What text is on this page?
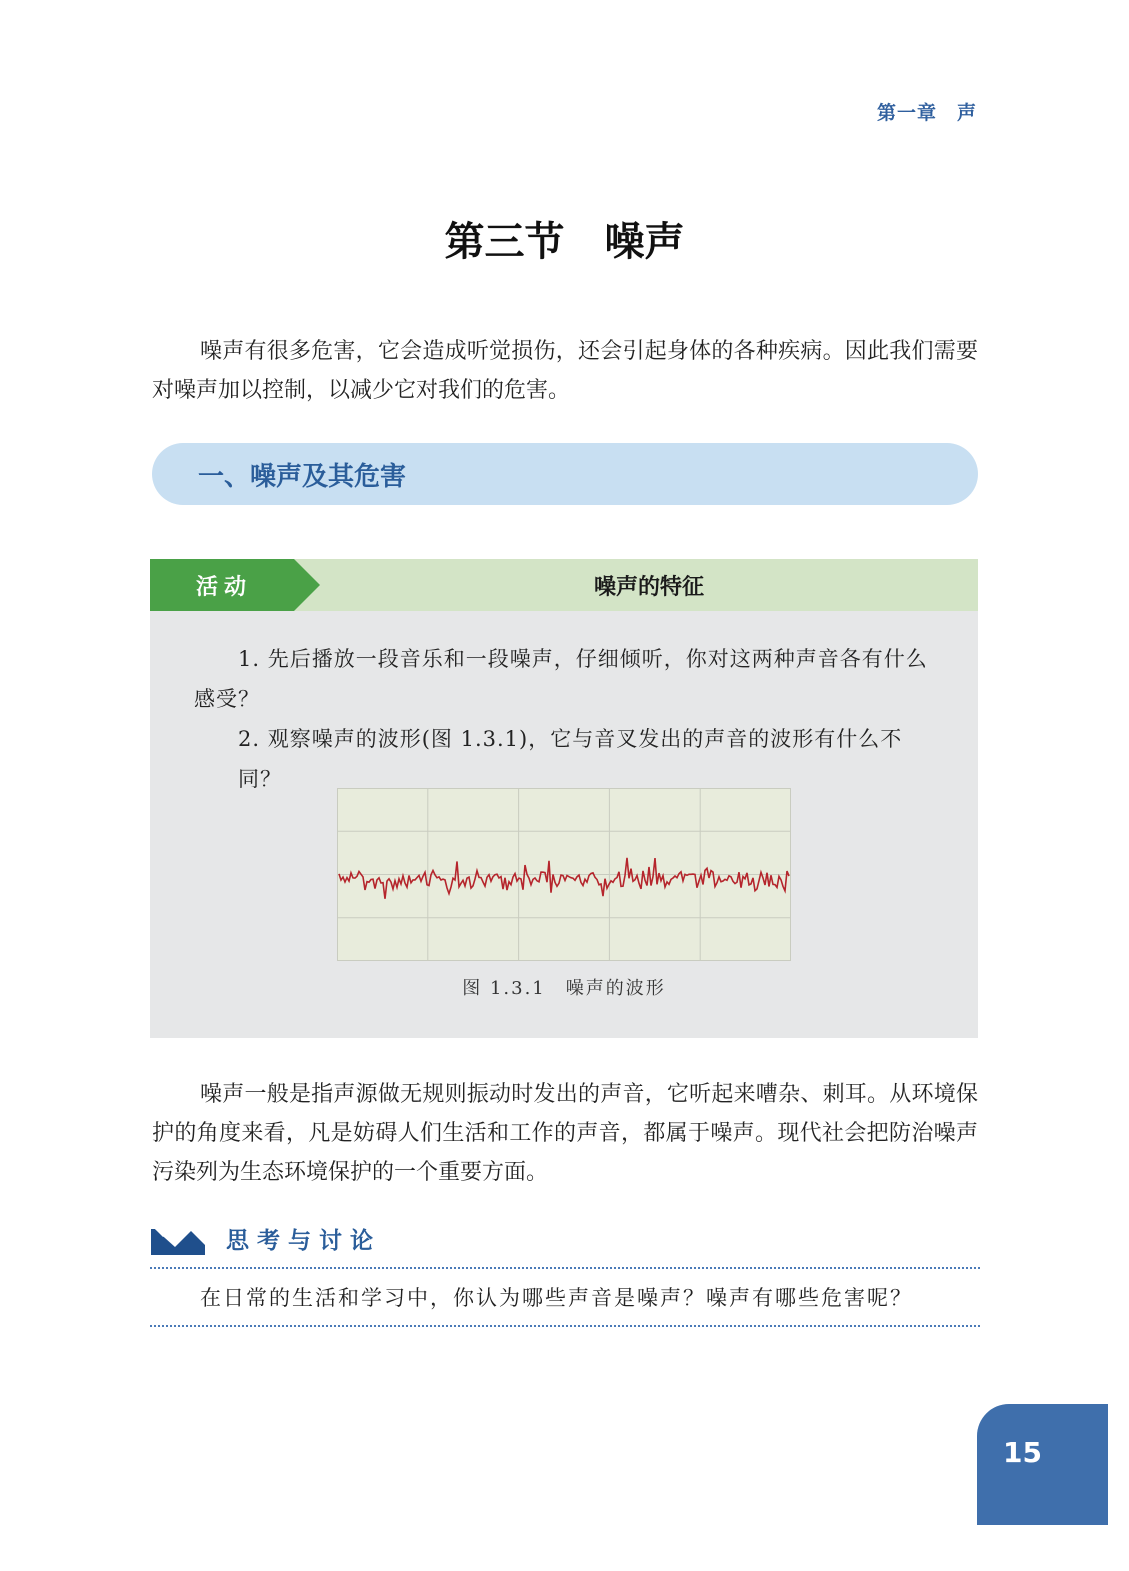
第一章　声
第三节　噪声

噪声有很多危害，它会造成听觉损伤，还会引起身体的各种疾病。因此我们需要对噪声加以控制，以减少它对我们的危害。

一、噪声及其危害
活动	噪声的特征

1. 先后播放一段音乐和一段噪声，仔细倾听，你对这两种声音各有什么感受？

2. 观察噪声的波形(图 1.3.1)，它与音叉发出的声音的波形有什么不同？

图 1.3.1　噪声的波形

噪声一般是指声源做无规则振动时发出的声音，它听起来嘈杂、刺耳。从环境保护的角度来看，凡是妨碍人们生活和工作的声音，都属于噪声。现代社会把防治噪声污染列为生态环境保护的一个重要方面。

思考与讨论
在日常的生活和学习中，你认为哪些声音是噪声？噪声有哪些危害呢？
15
